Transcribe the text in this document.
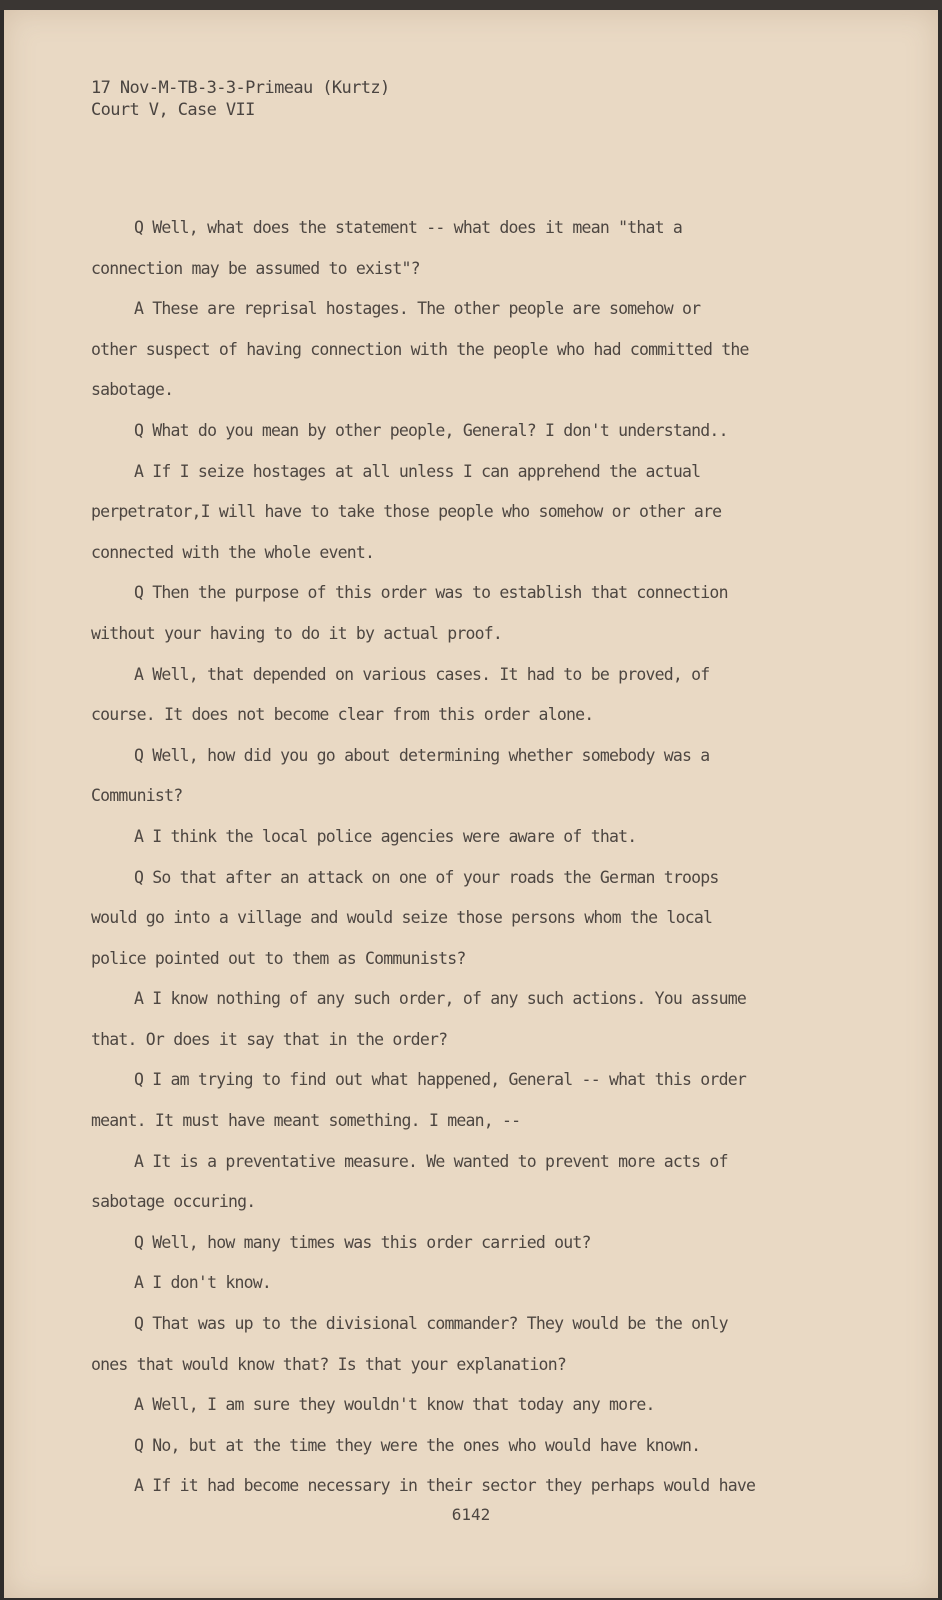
17 Nov-M-TB-3-3-Primeau (Kurtz)
Court V, Case VII
Q Well, what does the statement -- what does it mean "that a
connection may be assumed to exist"?
A These are reprisal hostages. The other people are somehow or
other suspect of having connection with the people who had committed the
sabotage.
Q What do you mean by other people, General? I don't understand..
A If I seize hostages at all unless I can apprehend the actual
perpetrator,I will have to take those people who somehow or other are
connected with the whole event.
Q Then the purpose of this order was to establish that connection
without your having to do it by actual proof.
A Well, that depended on various cases. It had to be proved, of
course. It does not become clear from this order alone.
Q Well, how did you go about determining whether somebody was a
Communist?
A I think the local police agencies were aware of that.
Q So that after an attack on one of your roads the German troops
would go into a village and would seize those persons whom the local
police pointed out to them as Communists?
A I know nothing of any such order, of any such actions. You assume
that. Or does it say that in the order?
Q I am trying to find out what happened, General -- what this order
meant. It must have meant something. I mean, --
A It is a preventative measure. We wanted to prevent more acts of
sabotage occuring.
Q Well, how many times was this order carried out?
A I don't know.
Q That was up to the divisional commander? They would be the only
ones that would know that? Is that your explanation?
A Well, I am sure they wouldn't know that today any more.
Q No, but at the time they were the ones who would have known.
A If it had become necessary in their sector they perhaps would have
6142
